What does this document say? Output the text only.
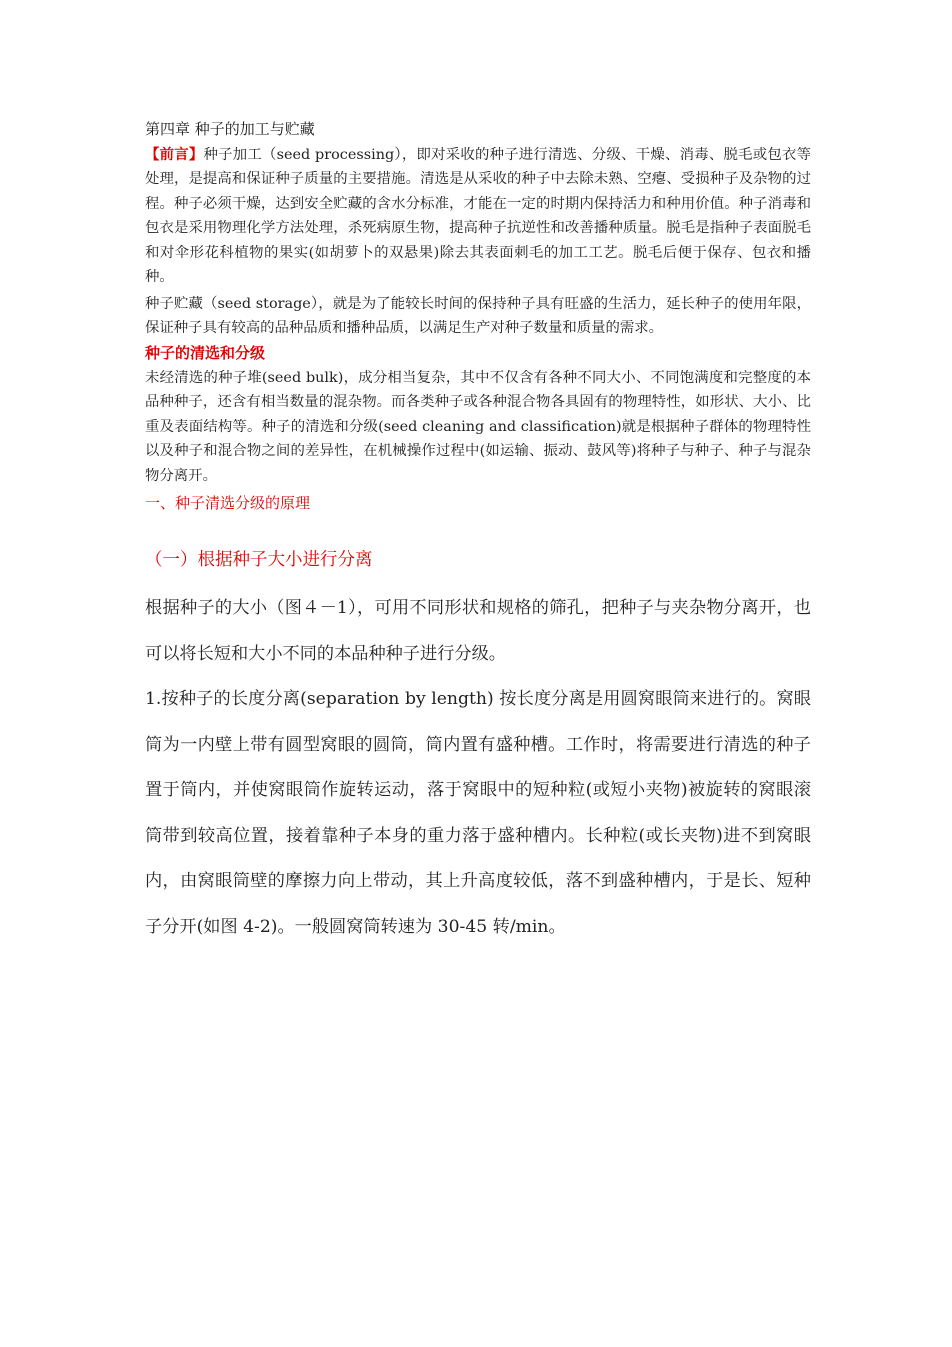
第四章 种子的加工与贮藏

【前言】种子加工（seed processing），即对采收的种子进行清选、分级、干燥、消毒、脱毛或包衣等处理，是提高和保证种子质量的主要措施。清选是从采收的种子中去除未熟、空瘪、受损种子及杂物的过程。种子必须干燥，达到安全贮藏的含水分标准，才能在一定的时期内保持活力和种用价值。种子消毒和包衣是采用物理化学方法处理，杀死病原生物，提高种子抗逆性和改善播种质量。脱毛是指种子表面脱毛和对伞形花科植物的果实(如胡萝卜的双悬果)除去其表面刺毛的加工工艺。脱毛后便于保存、包衣和播种。

种子贮藏（seed storage），就是为了能较长时间的保持种子具有旺盛的生活力，延长种子的使用年限，保证种子具有较高的品种品质和播种品质，以满足生产对种子数量和质量的需求。

种子的清选和分级

未经清选的种子堆(seed bulk)，成分相当复杂，其中不仅含有各种不同大小、不同饱满度和完整度的本品种种子，还含有相当数量的混杂物。而各类种子或各种混合物各具固有的物理特性，如形状、大小、比重及表面结构等。种子的清选和分级(seed cleaning and classification)就是根据种子群体的物理特性以及种子和混合物之间的差异性，在机械操作过程中(如运输、振动、鼓风等)将种子与种子、种子与混杂物分离开。

一、种子清选分级的原理

（一）根据种子大小进行分离

根据种子的大小（图４－1），可用不同形状和规格的筛孔，把种子与夹杂物分离开，也可以将长短和大小不同的本品种种子进行分级。

1.按种子的长度分离(separation by length) 按长度分离是用圆窝眼筒来进行的。窝眼筒为一内壁上带有圆型窝眼的圆筒，筒内置有盛种槽。工作时，将需要进行清选的种子置于筒内，并使窝眼筒作旋转运动，落于窝眼中的短种粒(或短小夹物)被旋转的窝眼滚筒带到较高位置，接着靠种子本身的重力落于盛种槽内。长种粒(或长夹物)进不到窝眼内，由窝眼筒壁的摩擦力向上带动，其上升高度较低，落不到盛种槽内，于是长、短种子分开(如图 4-2)。一般圆窝筒转速为 30-45 转/min。
